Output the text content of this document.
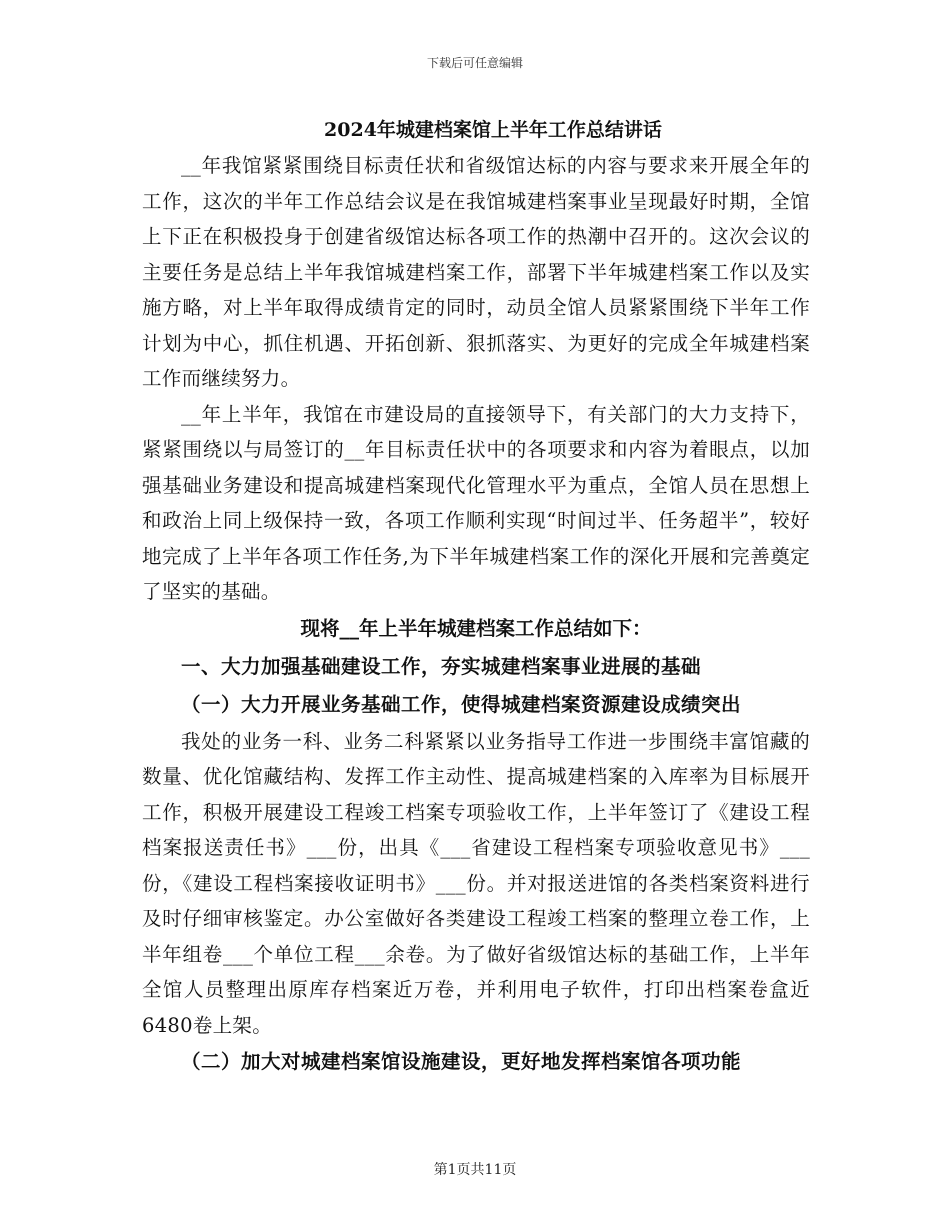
下载后可任意编辑
2024年城建档案馆上半年工作总结讲话

__年我馆紧紧围绕目标责任状和省级馆达标的内容与要求来开展全年的工作，这次的半年工作总结会议是在我馆城建档案事业呈现最好时期，全馆上下正在积极投身于创建省级馆达标各项工作的热潮中召开的。这次会议的主要任务是总结上半年我馆城建档案工作，部署下半年城建档案工作以及实施方略，对上半年取得成绩肯定的同时，动员全馆人员紧紧围绕下半年工作计划为中心，抓住机遇、开拓创新、狠抓落实、为更好的完成全年城建档案工作而继续努力。

__年上半年，我馆在市建设局的直接领导下，有关部门的大力支持下，紧紧围绕以与局签订的__年目标责任状中的各项要求和内容为着眼点，以加强基础业务建设和提高城建档案现代化管理水平为重点，全馆人员在思想上和政治上同上级保持一致，各项工作顺利实现“时间过半、任务超半”，较好地完成了上半年各项工作任务,为下半年城建档案工作的深化开展和完善奠定了坚实的基础。

现将__年上半年城建档案工作总结如下：

一、大力加强基础建设工作，夯实城建档案事业进展的基础

（一）大力开展业务基础工作，使得城建档案资源建设成绩突出

我处的业务一科、业务二科紧紧以业务指导工作进一步围绕丰富馆藏的数量、优化馆藏结构、发挥工作主动性、提高城建档案的入库率为目标展开工作，积极开展建设工程竣工档案专项验收工作，上半年签订了《建设工程档案报送责任书》___份，出具《___省建设工程档案专项验收意见书》___份，《建设工程档案接收证明书》___份。并对报送进馆的各类档案资料进行及时仔细审核鉴定。办公室做好各类建设工程竣工档案的整理立卷工作，上半年组卷___个单位工程___余卷。为了做好省级馆达标的基础工作，上半年全馆人员整理出原库存档案近万卷，并利用电子软件，打印出档案卷盒近6480卷上架。

（二）加大对城建档案馆设施建设，更好地发挥档案馆各项功能

第1页共11页
